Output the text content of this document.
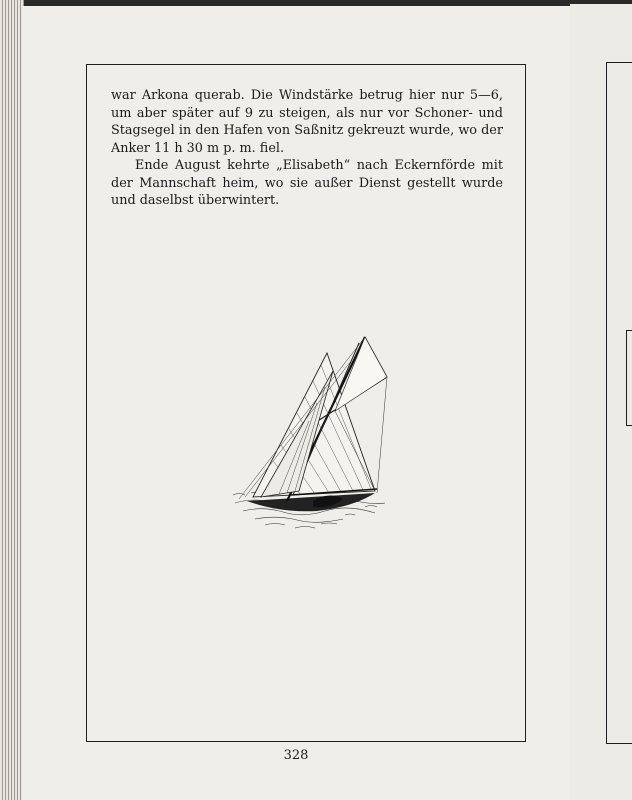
war Arkona querab. Die Windstärke betrug hier nur 5—6, um aber später auf 9 zu steigen, als nur vor Schoner- und Stagsegel in den Hafen von Saßnitz gekreuzt wurde, wo der Anker 11 h 30 m p. m. fiel.

Ende August kehrte „Elisabeth“ nach Eckernförde mit der Mannschaft heim, wo sie außer Dienst gestellt wurde und daselbst überwintert.

328
